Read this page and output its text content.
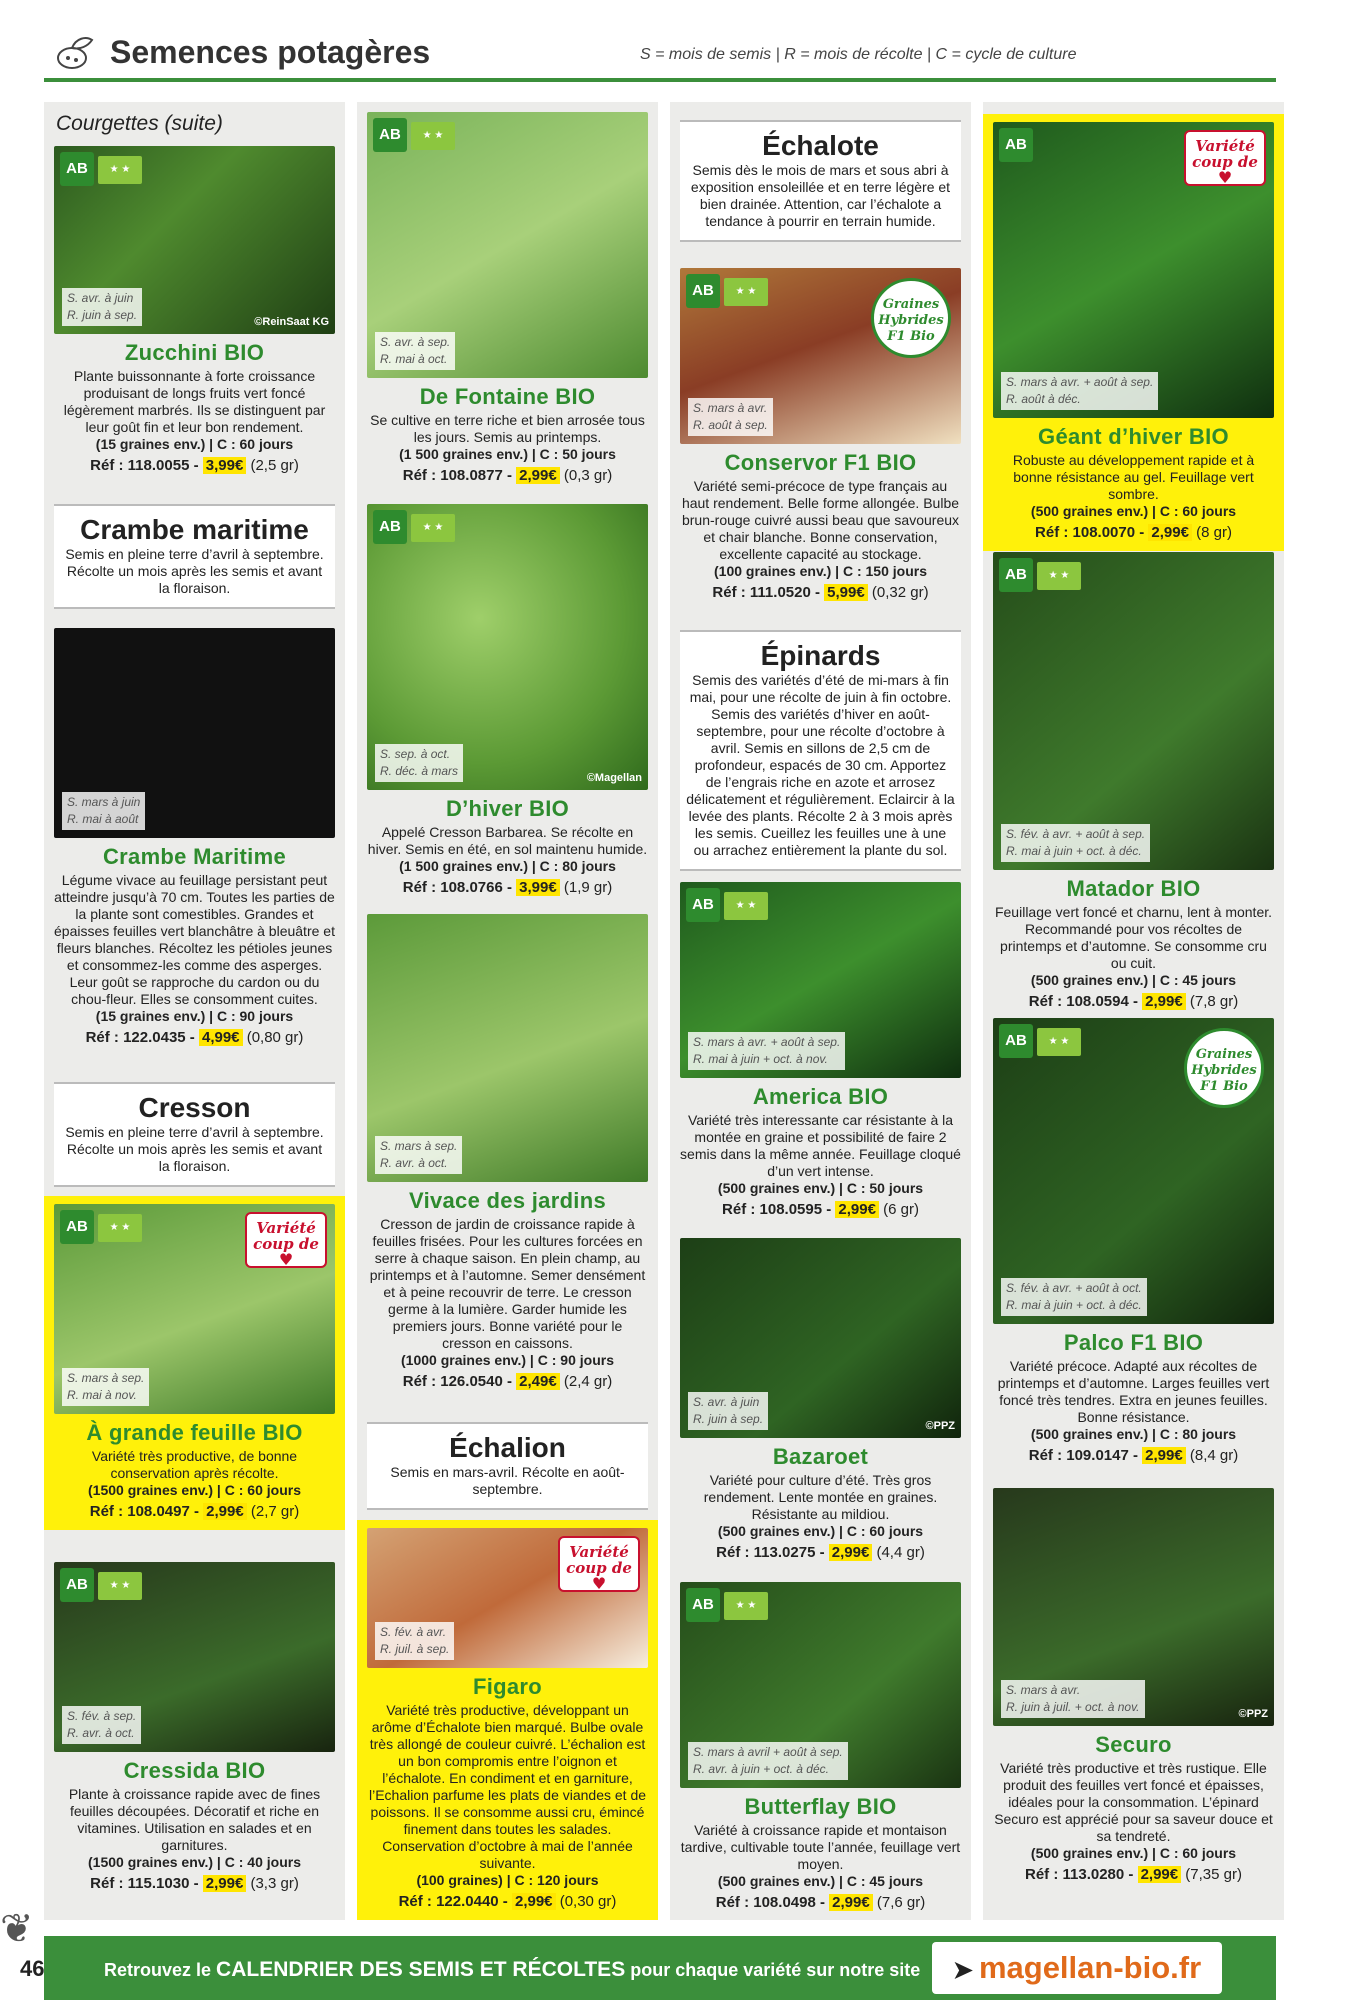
Semences potagères	S = mois de semis | R = mois de récolte | C = cycle de culture
Courgettes (suite)
AB	★ ★
S. avr. à juin
R. juin à sep.	©ReinSaat KG
Zucchini BIO
Plante buissonnante à forte croissance produisant de longs fruits vert foncé légèrement marbrés. Ils se distinguent par leur goût fin et leur bon rendement.
(15 graines env.) | C : 60 jours
Réf : 118.0055 - 3,99€ (2,5 gr)
Crambe maritime

Semis en pleine terre d’avril à septembre. Récolte un mois après les semis et avant la floraison.

S. mars à juin
R. mai à août
Crambe Maritime
Légume vivace au feuillage persistant peut atteindre jusqu’à 70 cm. Toutes les parties de la plante sont comestibles. Grandes et épaisses feuilles vert blanchâtre à bleuâtre et fleurs blanches. Récoltez les pétioles jeunes et consommez-les comme des asperges. Leur goût se rapproche du cardon ou du chou-fleur. Elles se consomment cuites.
(15 graines env.) | C : 90 jours
Réf : 122.0435 - 4,99€ (0,80 gr)
Cresson

Semis en pleine terre d’avril à septembre. Récolte un mois après les semis et avant la floraison.

AB	★ ★	Variété
coup de
♥
S. mars à sep.
R. mai à nov.
À grande feuille BIO
Variété très productive, de bonne conservation après récolte.
(1500 graines env.) | C : 60 jours
Réf : 108.0497 - 2,99€ (2,7 gr)
AB	★ ★
S. fév. à sep.
R. avr. à oct.
Cressida BIO
Plante à croissance rapide avec de fines feuilles découpées. Décoratif et riche en vitamines. Utilisation en salades et en garnitures.
(1500 graines env.) | C : 40 jours
Réf : 115.1030 - 2,99€ (3,3 gr)
AB	★ ★
S. avr. à sep.
R. mai à oct.
De Fontaine BIO
Se cultive en terre riche et bien arrosée tous les jours. Semis au printemps.
(1 500 graines env.) | C : 50 jours
Réf : 108.0877 - 2,99€ (0,3 gr)
AB	★ ★
S. sep. à oct.
R. déc. à mars	©Magellan
D’hiver BIO
Appelé Cresson Barbarea. Se récolte en hiver. Semis en été, en sol maintenu humide.
(1 500 graines env.) | C : 80 jours
Réf : 108.0766 - 3,99€ (1,9 gr)
S. mars à sep.
R. avr. à oct.
Vivace des jardins
Cresson de jardin de croissance rapide à feuilles frisées. Pour les cultures forcées en serre à chaque saison. En plein champ, au printemps et à l’automne. Semer densément et à peine recouvrir de terre. Le cresson germe à la lumière. Garder humide les premiers jours. Bonne variété pour le cresson en caissons.
(1000 graines env.) | C : 90 jours
Réf : 126.0540 - 2,49€ (2,4 gr)
Échalion

Semis en mars-avril. Récolte en août-septembre.

Variété
coup de
♥
S. fév. à avr.
R. juil. à sep.
Figaro
Variété très productive, développant un arôme d’Échalote bien marqué. Bulbe ovale très allongé de couleur cuivré. L’échalion est un bon compromis entre l’oignon et l’échalote. En condiment et en garniture, l’Echalion parfume les plats de viandes et de poissons. Il se consomme aussi cru, émincé finement dans toutes les salades. Conservation d’octobre à mai de l’année suivante.
(100 graines) | C : 120 jours
Réf : 122.0440 - 2,99€ (0,30 gr)
Échalote

Semis dès le mois de mars et sous abri à exposition ensoleillée et en terre légère et bien drainée. Attention, car l’échalote a tendance à pourrir en terrain humide.

AB	★ ★
Graines
Hybrides
F1 Bio
S. mars à avr.
R. août à sep.
Conservor F1 BIO
Variété semi-précoce de type français au haut rendement. Belle forme allongée. Bulbe brun-rouge cuivré aussi beau que savoureux et chair blanche. Bonne conservation, excellente capacité au stockage.
(100 graines env.) | C : 150 jours
Réf : 111.0520 - 5,99€ (0,32 gr)
Épinards

Semis des variétés d’été de mi-mars à fin mai, pour une récolte de juin à fin octobre. Semis des variétés d’hiver en août-septembre, pour une récolte d’octobre à avril. Semis en sillons de 2,5 cm de profondeur, espacés de 30 cm. Apportez de l’engrais riche en azote et arrosez délicatement et régulièrement. Eclaircir à la levée des plants. Récolte 2 à 3 mois après les semis. Cueillez les feuilles une à une ou arrachez entièrement la plante du sol.

AB	★ ★
S. mars à avr. + août à sep.
R. mai à juin + oct. à nov.
America BIO
Variété très interessante car résistante à la montée en graine et possibilité de faire 2 semis dans la même année. Feuillage cloqué d’un vert intense.
(500 graines env.) | C : 50 jours
Réf : 108.0595 - 2,99€ (6 gr)
S. avr. à juin
R. juin à sep.	©PPZ
Bazaroet
Variété pour culture d’été. Très gros rendement. Lente montée en graines. Résistante au mildiou.
(500 graines env.) | C : 60 jours
Réf : 113.0275 - 2,99€ (4,4 gr)
AB	★ ★
S. mars à avril + août à sep.
R. avr. à juin + oct. à déc.
Butterflay BIO
Variété à croissance rapide et montaison tardive, cultivable toute l’année, feuillage vert moyen.
(500 graines env.) | C : 45 jours
Réf : 108.0498 - 2,99€ (7,6 gr)
AB	Variété
coup de
♥
S. mars à avr. + août à sep.
R. août à déc.
Géant d’hiver BIO
Robuste au développement rapide et à bonne résistance au gel. Feuillage vert sombre.
(500 graines env.) | C : 60 jours
Réf : 108.0070 - 2,99€ (8 gr)
AB	★ ★
S. fév. à avr. + août à sep.
R. mai à juin + oct. à déc.
Matador BIO
Feuillage vert foncé et charnu, lent à monter. Recommandé pour vos récoltes de printemps et d’automne. Se consomme cru ou cuit.
(500 graines env.) | C : 45 jours
Réf : 108.0594 - 2,99€ (7,8 gr)
AB	★ ★
Graines
Hybrides
F1 Bio
S. fév. à avr. + août à oct.
R. mai à juin + oct. à déc.
Palco F1 BIO
Variété précoce. Adapté aux récoltes de printemps et d’automne. Larges feuilles vert foncé très tendres. Extra en jeunes feuilles. Bonne résistance.
(500 graines env.) | C : 80 jours
Réf : 109.0147 - 2,99€ (8,4 gr)
S. mars à avr.
R. juin à juil. + oct. à nov.	©PPZ
Securo
Variété très productive et très rustique. Elle produit des feuilles vert foncé et épaisses, idéales pour la consommation. L’épinard Securo est apprécié pour sa saveur douce et sa tendreté.
(500 graines env.) | C : 60 jours
Réf : 113.0280 - 2,99€ (7,35 gr)
❦
46	Retrouvez le CALENDRIER DES SEMIS ET RÉCOLTES pour chaque variété sur notre site	➤ magellan-bio.fr
